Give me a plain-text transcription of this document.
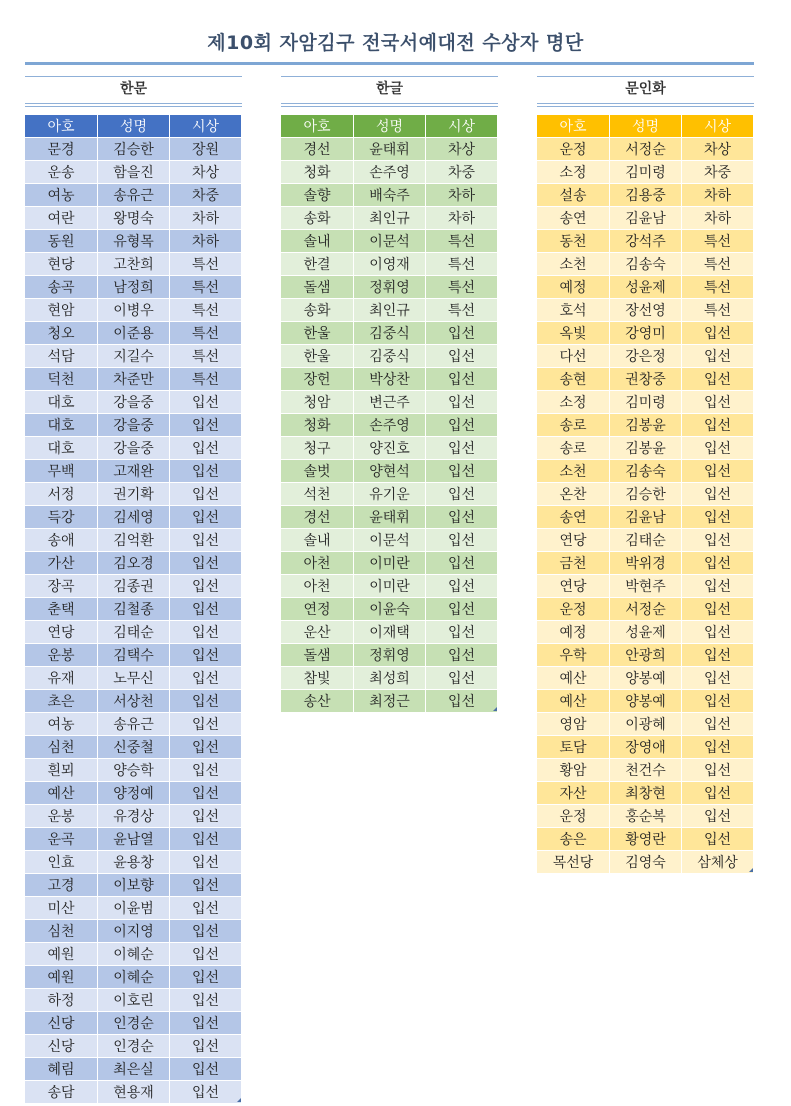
제10회 자암김구 전국서예대전 수상자 명단
한문
아호	성명	시상
문경	김승한	장원
운송	함을진	차상
여농	송유근	차중
여란	왕명숙	차하
동원	유형목	차하
현당	고찬희	특선
송곡	남정희	특선
현암	이병우	특선
청오	이준용	특선
석담	지길수	특선
덕천	차준만	특선
대호	강을중	입선
대호	강을중	입선
대호	강을중	입선
무백	고재완	입선
서정	권기확	입선
득강	김세영	입선
송애	김억환	입선
가산	김오경	입선
장곡	김종권	입선
춘택	김철종	입선
연당	김태순	입선
운봉	김택수	입선
유재	노무신	입선
초은	서상천	입선
여농	송유근	입선
심천	신중철	입선
흰뫼	양승학	입선
예산	양정예	입선
운봉	유경상	입선
운곡	윤남열	입선
인효	윤용창	입선
고경	이보향	입선
미산	이윤범	입선
심천	이지영	입선
예원	이혜순	입선
예원	이혜순	입선
하정	이호린	입선
신당	인경순	입선
신당	인경순	입선
혜림	최은실	입선
송담	현용재	입선
한글
아호	성명	시상
경선	윤태휘	차상
청화	손주영	차중
솔향	배숙주	차하
송화	최인규	차하
솔내	이문석	특선
한결	이영재	특선
돌샘	정휘영	특선
송화	최인규	특선
한울	김중식	입선
한울	김중식	입선
장헌	박상찬	입선
청암	변근주	입선
청화	손주영	입선
청구	양진호	입선
솔벗	양현석	입선
석천	유기운	입선
경선	윤태휘	입선
솔내	이문석	입선
아천	이미란	입선
아천	이미란	입선
연정	이윤숙	입선
운산	이재택	입선
돌샘	정휘영	입선
참빛	최성희	입선
송산	최정근	입선
문인화
아호	성명	시상
운정	서정순	차상
소정	김미령	차중
설송	김용중	차하
송연	김윤남	차하
동천	강석주	특선
소천	김송숙	특선
예정	성윤제	특선
호석	장선영	특선
옥빛	강영미	입선
다선	강은정	입선
송현	권창중	입선
소정	김미령	입선
송로	김봉윤	입선
송로	김봉윤	입선
소천	김송숙	입선
온찬	김승한	입선
송연	김윤남	입선
연당	김태순	입선
금천	박위경	입선
연당	박현주	입선
운정	서정순	입선
예정	성윤제	입선
우학	안광희	입선
예산	양봉예	입선
예산	양봉예	입선
영암	이광혜	입선
토담	장영애	입선
황암	천건수	입선
자산	최창현	입선
운정	홍순복	입선
송은	황영란	입선
목선당	김영숙	삼체상
